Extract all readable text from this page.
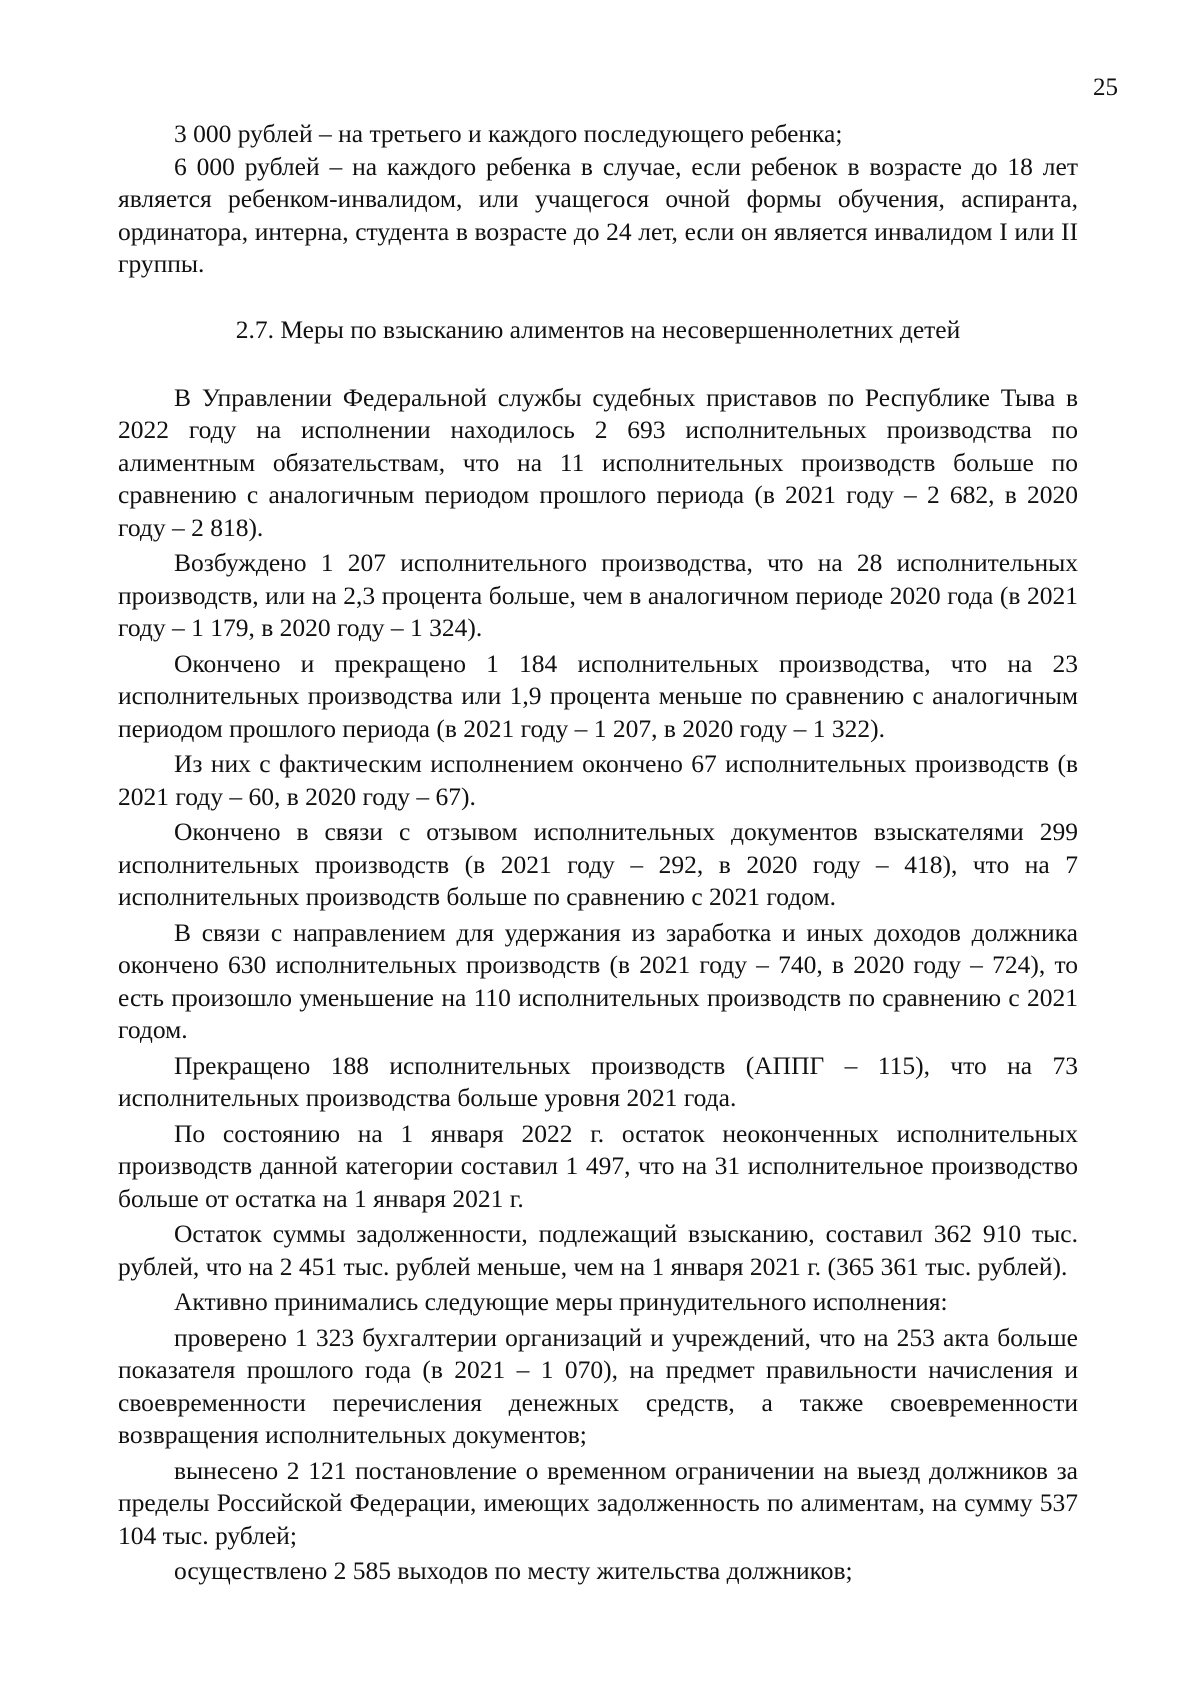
25

3 000 рублей – на третьего и каждого последующего ребенка;

6 000 рублей – на каждого ребенка в случае, если ребенок в возрасте до 18 лет является ребенком-инвалидом, или учащегося очной формы обучения, аспиранта, ординатора, интерна, студента в возрасте до 24 лет, если он является инвалидом I или II группы.

2.7. Меры по взысканию алиментов на несовершеннолетних детей

В Управлении Федеральной службы судебных приставов по Республике Тыва в 2022 году на исполнении находилось 2 693 исполнительных производства по алиментным обязательствам, что на 11 исполнительных производств больше по сравнению с аналогичным периодом прошлого периода (в 2021 году – 2 682, в 2020 году – 2 818).

Возбуждено 1 207 исполнительного производства, что на 28 исполнительных производств, или на 2,3 процента больше, чем в аналогичном периоде 2020 года (в 2021 году – 1 179, в 2020 году – 1 324).

Окончено и прекращено 1 184 исполнительных производства, что на 23 исполнительных производства или 1,9 процента меньше по сравнению с аналогичным периодом прошлого периода (в 2021 году – 1 207, в 2020 году – 1 322).

Из них с фактическим исполнением окончено 67 исполнительных производств (в 2021 году – 60, в 2020 году – 67).

Окончено в связи с отзывом исполнительных документов взыскателями 299 исполнительных производств (в 2021 году – 292, в 2020 году – 418), что на 7 исполнительных производств больше по сравнению с 2021 годом.

В связи с направлением для удержания из заработка и иных доходов должника окончено 630 исполнительных производств (в 2021 году – 740, в 2020 году – 724), то есть произошло уменьшение на 110 исполнительных производств по сравнению с 2021 годом.

Прекращено 188 исполнительных производств (АППГ – 115), что на 73 исполнительных производства больше уровня 2021 года.

По состоянию на 1 января 2022 г. остаток неоконченных исполнительных производств данной категории составил 1 497, что на 31 исполнительное производство больше от остатка на 1 января 2021 г.

Остаток суммы задолженности, подлежащий взысканию, составил 362 910 тыс. рублей, что на 2 451 тыс. рублей меньше, чем на 1 января 2021 г. (365 361 тыс. рублей).

Активно принимались следующие меры принудительного исполнения:

проверено 1 323 бухгалтерии организаций и учреждений, что на 253 акта больше показателя прошлого года (в 2021 – 1 070), на предмет правильности начисления и своевременности перечисления денежных средств, а также своевременности возвращения исполнительных документов;

вынесено 2 121 постановление о временном ограничении на выезд должников за пределы Российской Федерации, имеющих задолженность по алиментам, на сумму 537 104 тыс. рублей;

осуществлено 2 585 выходов по месту жительства должников;
